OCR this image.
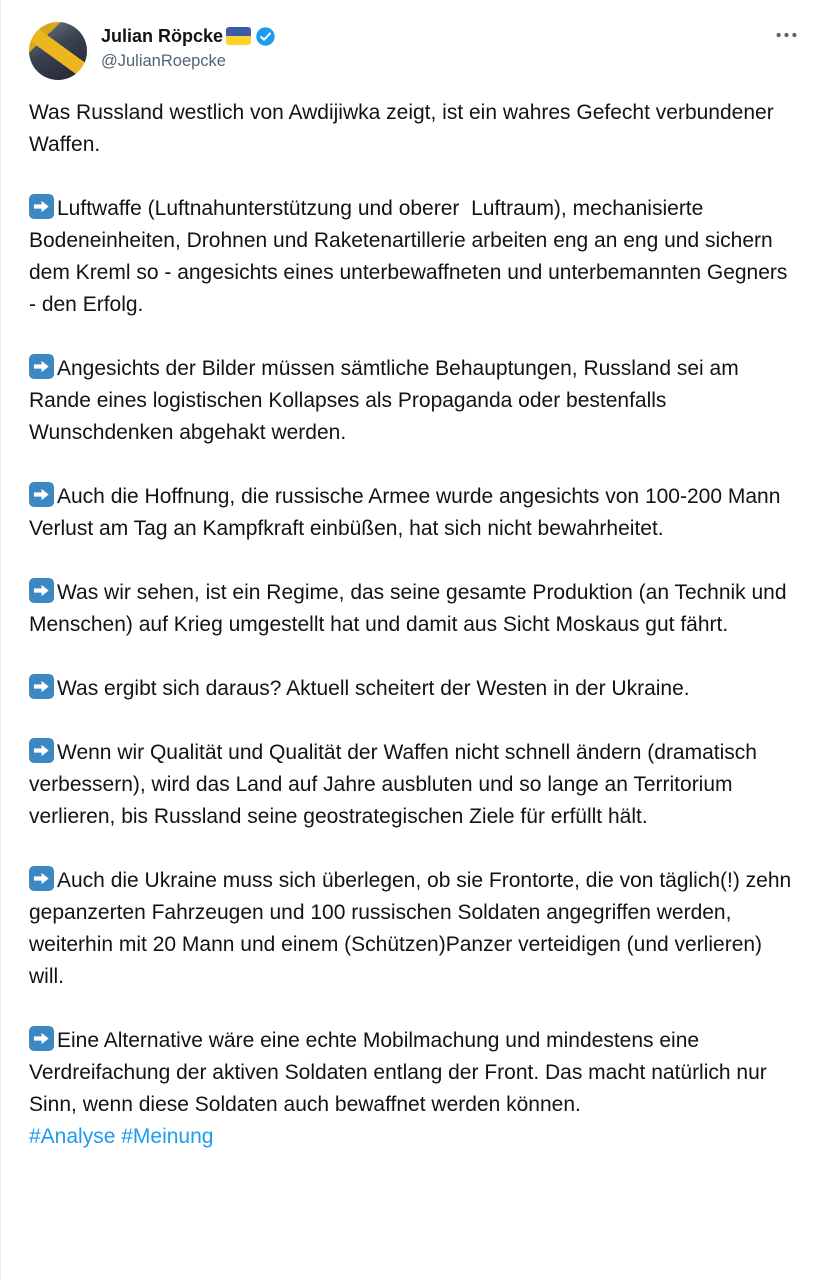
Julian Röpcke
@JulianRoepcke

Was Russland westlich von Awdijiwka zeigt, ist ein wahres Gefecht verbundener Waffen.

Luftwaffe (Luftnahunterstützung und oberer  Luftraum), mechanisierte  Bodeneinheiten, Drohnen und Raketenartillerie arbeiten eng an eng und sichern dem Kreml so - angesichts eines unterbewaffneten und unterbemannten Gegners - den Erfolg.

Angesichts der Bilder müssen sämtliche Behauptungen, Russland sei am Rande eines logistischen Kollapses als Propaganda oder bestenfalls Wunschdenken abgehakt werden.

Auch die Hoffnung, die russische Armee wurde angesichts von 100-200 Mann Verlust am Tag an Kampfkraft einbüßen, hat sich nicht bewahrheitet.

Was wir sehen, ist ein Regime, das seine gesamte Produktion (an Technik und Menschen) auf Krieg umgestellt hat und damit aus Sicht Moskaus gut fährt.

Was ergibt sich daraus? Aktuell scheitert der Westen in der Ukraine.

Wenn wir Qualität und Qualität der Waffen nicht schnell ändern (dramatisch verbessern), wird das Land auf Jahre ausbluten und so lange an Territorium verlieren, bis Russland seine geostrategischen Ziele für erfüllt hält.

Auch die Ukraine muss sich überlegen, ob sie Frontorte, die von täglich(!) zehn gepanzerten Fahrzeugen und 100 russischen Soldaten angegriffen werden, weiterhin mit 20 Mann und einem (Schützen)Panzer verteidigen (und verlieren) will.

Eine Alternative wäre eine echte Mobilmachung und mindestens eine Verdreifachung der aktiven Soldaten entlang der Front. Das macht natürlich nur Sinn, wenn diese Soldaten auch bewaffnet werden können.

#Analyse #Meinung
